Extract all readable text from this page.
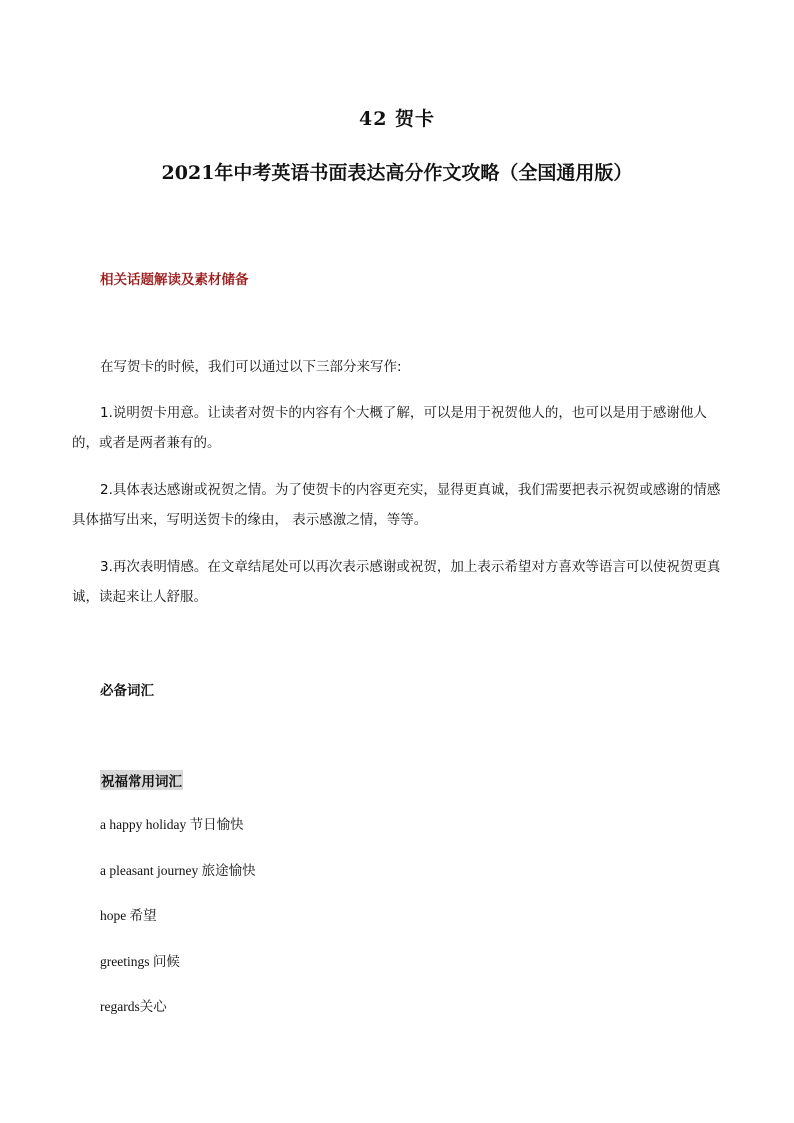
42 贺卡
2021年中考英语书面表达高分作文攻略（全国通用版）

相关话题解读及素材储备

在写贺卡的时候，我们可以通过以下三部分来写作:

1.说明贺卡用意。让读者对贺卡的内容有个大概了解，可以是用于祝贺他人的，也可以是用于感谢他人的，或者是两者兼有的。

2.具体表达感谢或祝贺之情。为了使贺卡的内容更充实，显得更真诚，我们需要把表示祝贺或感谢的情感具体描写出来，写明送贺卡的缘由， 表示感激之情，等等。

3.再次表明情感。在文章结尾处可以再次表示感谢或祝贺，加上表示希望对方喜欢等语言可以使祝贺更真诚，读起来让人舒服。

必备词汇

祝福常用词汇

a happy holiday 节日愉快
a pleasant journey 旅途愉快
hope 希望
greetings 问候
regards关心
